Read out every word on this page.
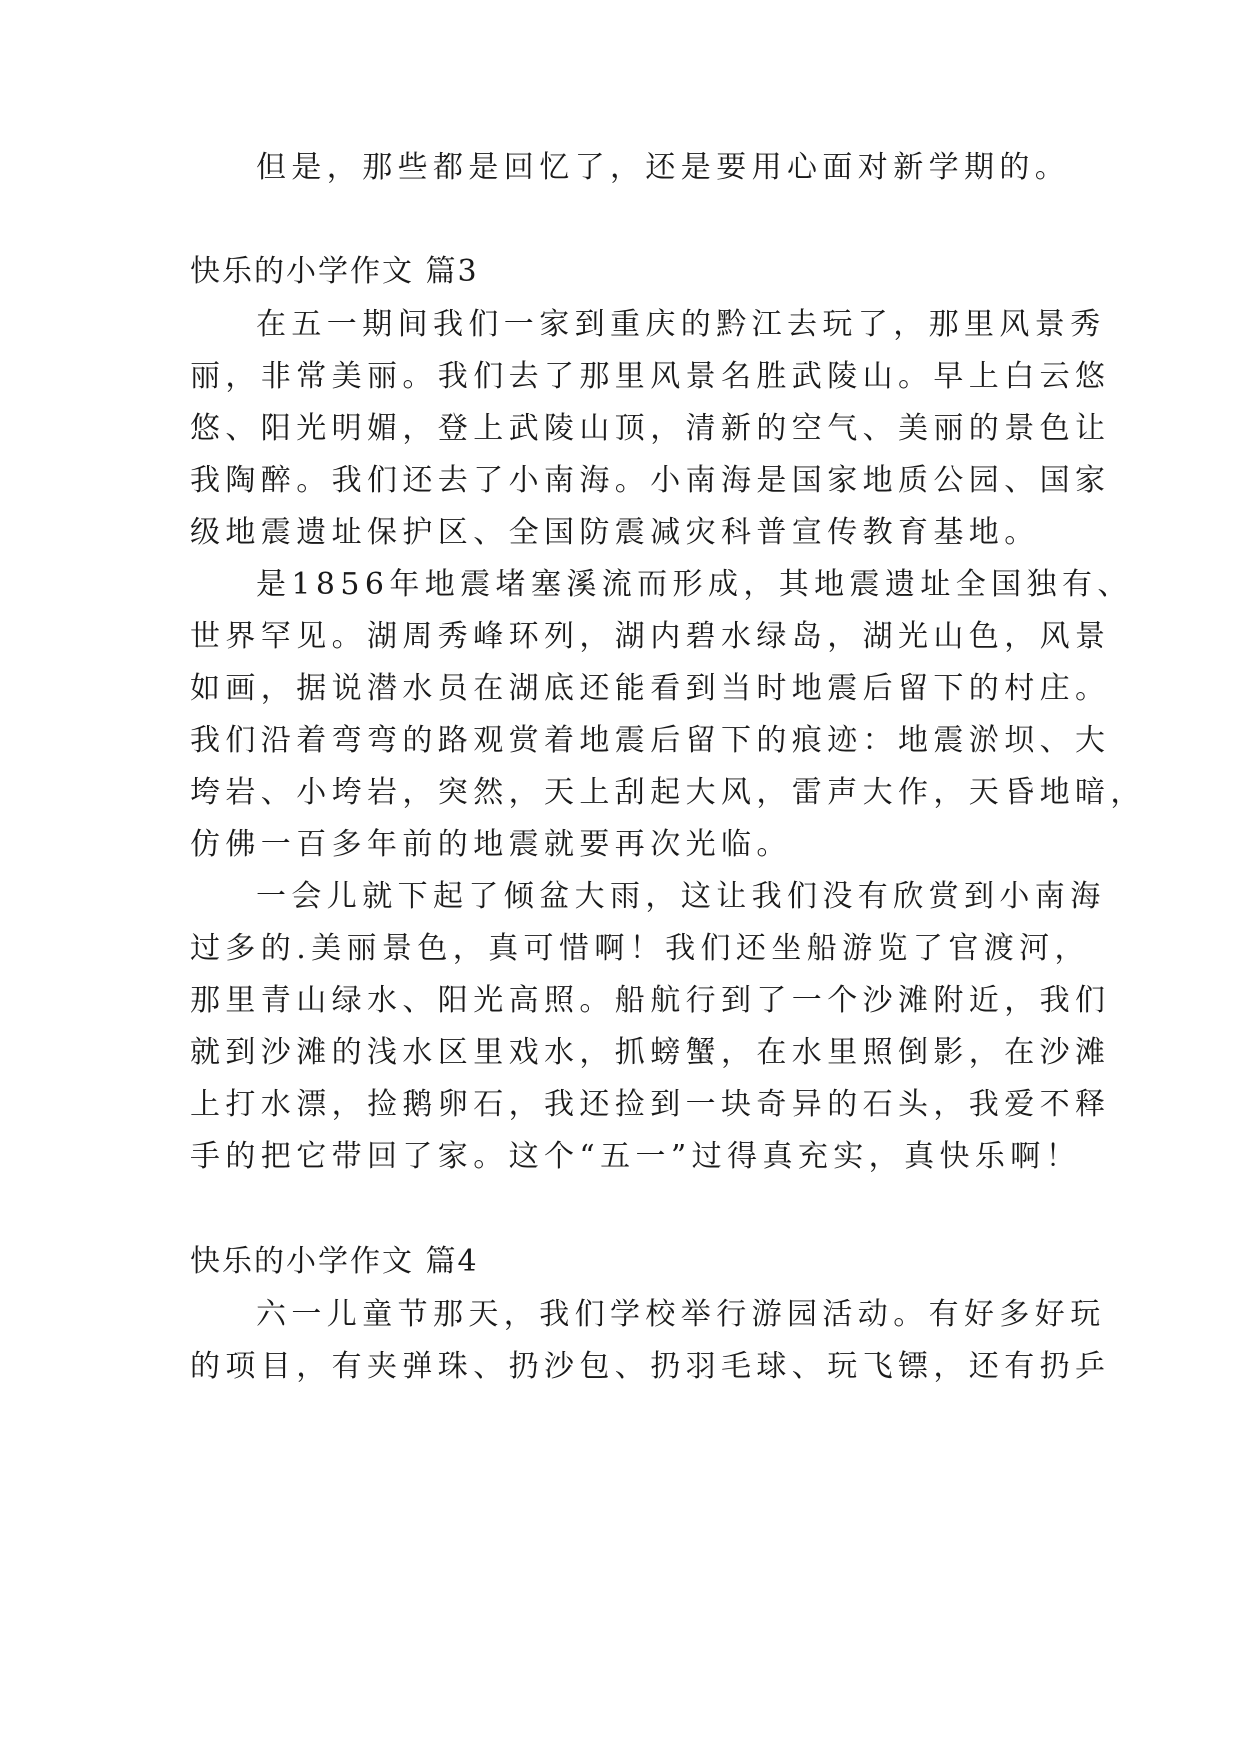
但是，那些都是回忆了，还是要用心面对新学期的。
快乐的小学作文 篇3
在五一期间我们一家到重庆的黔江去玩了，那里风景秀
丽，非常美丽。我们去了那里风景名胜武陵山。早上白云悠
悠、阳光明媚，登上武陵山顶，清新的空气、美丽的景色让
我陶醉。我们还去了小南海。小南海是国家地质公园、国家
级地震遗址保护区、全国防震减灾科普宣传教育基地。
是1856年地震堵塞溪流而形成，其地震遗址全国独有、
世界罕见。湖周秀峰环列，湖内碧水绿岛，湖光山色，风景
如画，据说潜水员在湖底还能看到当时地震后留下的村庄。
我们沿着弯弯的路观赏着地震后留下的痕迹：地震淤坝、大
垮岩、小垮岩，突然，天上刮起大风，雷声大作，天昏地暗，
仿佛一百多年前的地震就要再次光临。
一会儿就下起了倾盆大雨，这让我们没有欣赏到小南海
过多的.美丽景色，真可惜啊！我们还坐船游览了官渡河，
那里青山绿水、阳光高照。船航行到了一个沙滩附近，我们
就到沙滩的浅水区里戏水，抓螃蟹，在水里照倒影，在沙滩
上打水漂，捡鹅卵石，我还捡到一块奇异的石头，我爱不释
手的把它带回了家。这个“五一”过得真充实，真快乐啊！
快乐的小学作文 篇4
六一儿童节那天，我们学校举行游园活动。有好多好玩
的项目，有夹弹珠、扔沙包、扔羽毛球、玩飞镖，还有扔乒
